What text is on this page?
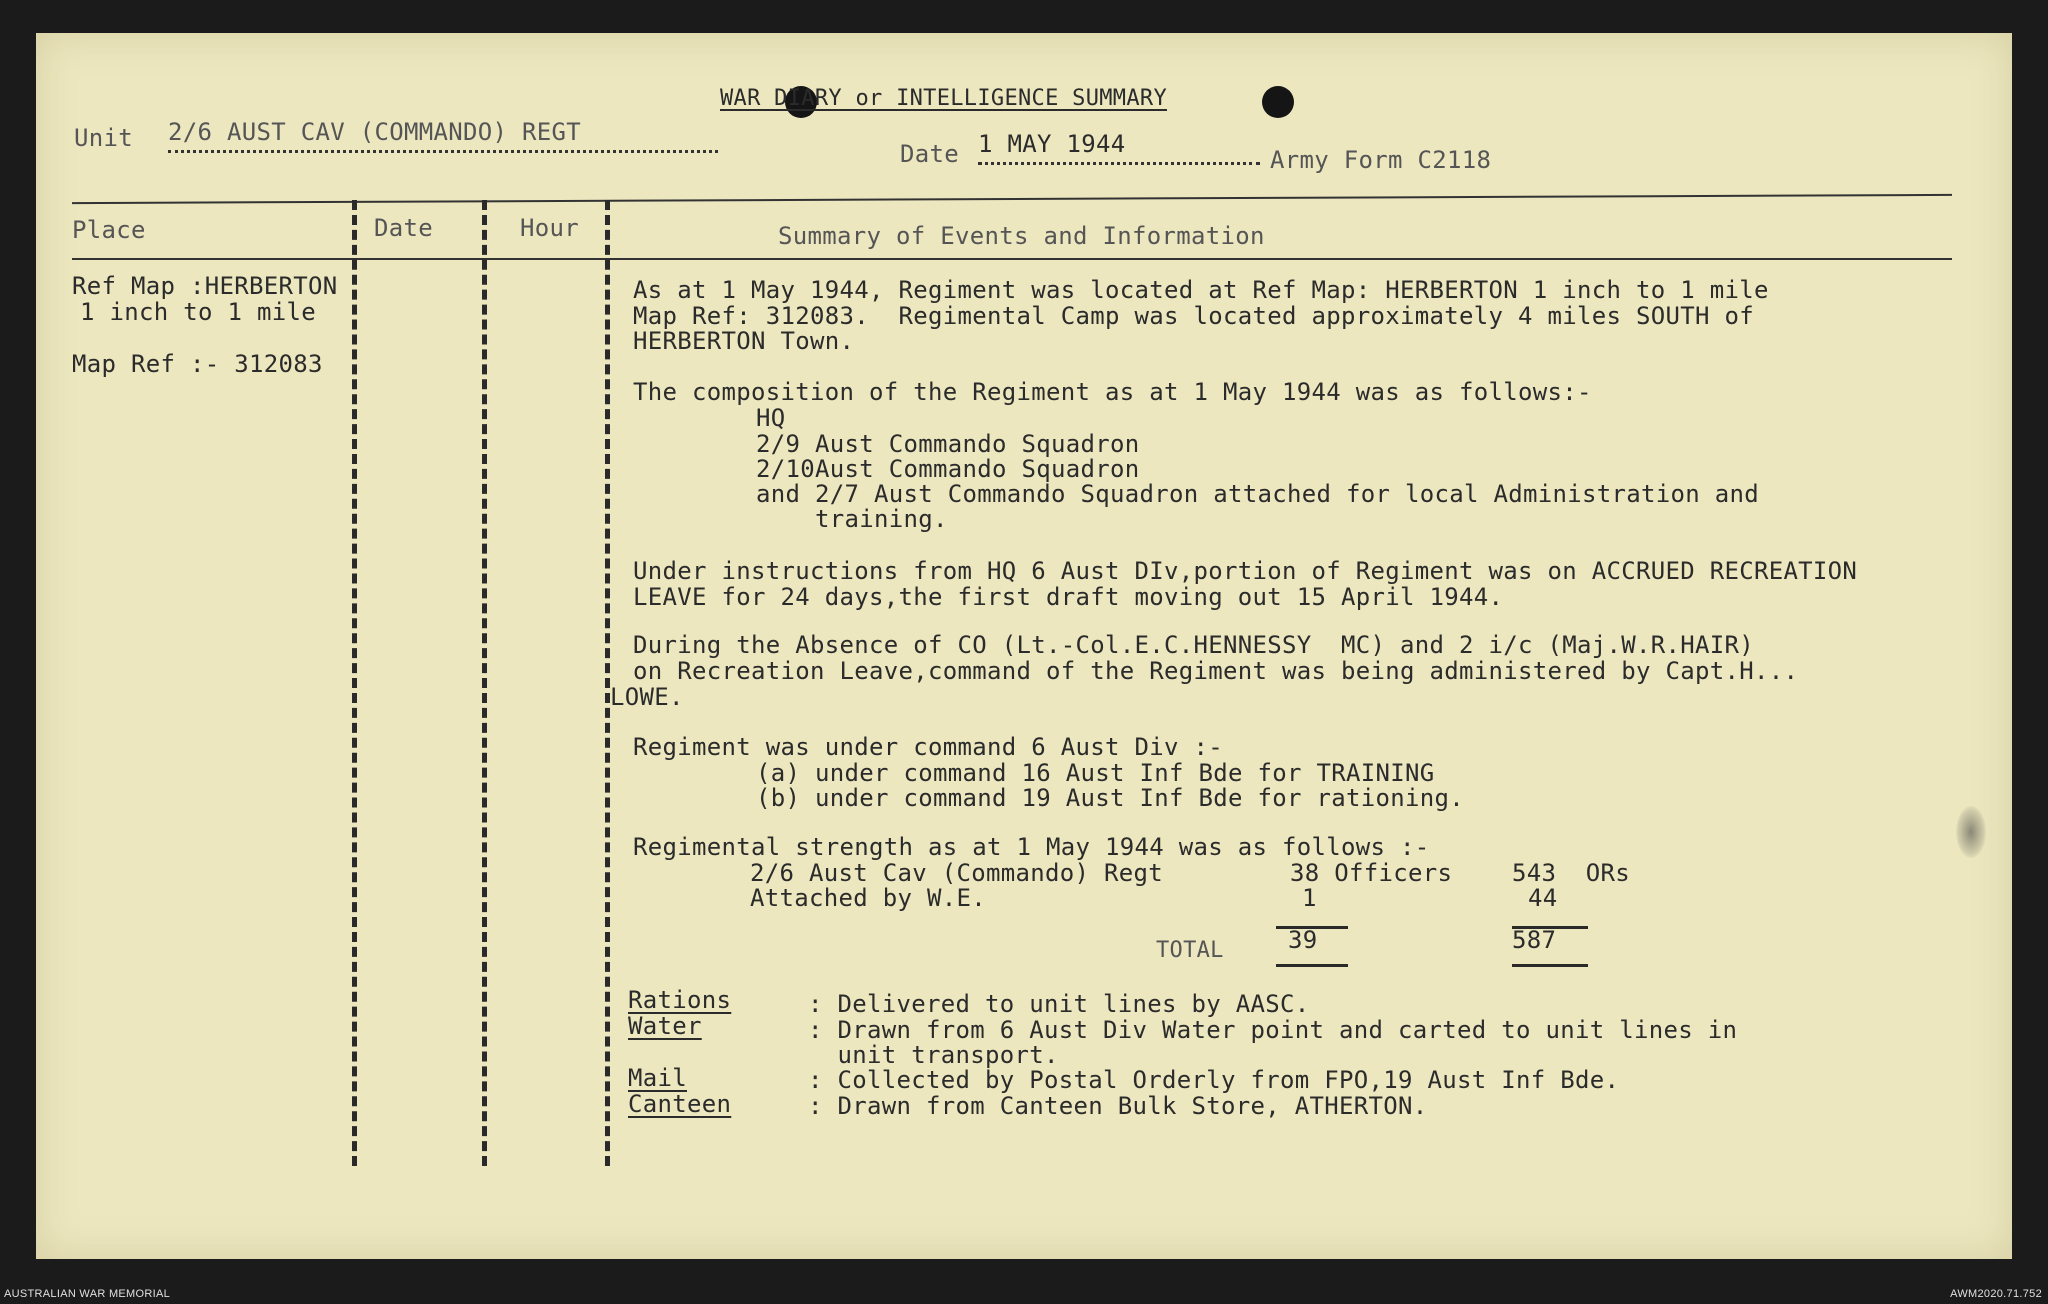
WAR DIARY or INTELLIGENCE SUMMARY
Unit 2/6 AUST CAV (COMMANDO) REGT
Date 1 MAY 1944
Army Form C2118
Place	Date	Hour	Summary of Events and Information
Ref Map :HERBERTON
1 inch to 1 mile
Map Ref :- 312083
As at 1 May 1944, Regiment was located at Ref Map: HERBERTON 1 inch to 1 mile
Map Ref: 312083.  Regimental Camp was located approximately 4 miles SOUTH of
HERBERTON Town.
The composition of the Regiment as at 1 May 1944 was as follows:-
HQ
2/9 Aust Commando Squadron
2/10Aust Commando Squadron
and 2/7 Aust Commando Squadron attached for local Administration and
training.
Under instructions from HQ 6 Aust DIv,portion of Regiment was on ACCRUED RECREATION
LEAVE for 24 days,the first draft moving out 15 April 1944.
During the Absence of CO (Lt.-Col.E.C.HENNESSY  MC) and 2 i/c (Maj.W.R.HAIR)
on Recreation Leave,command of the Regiment was being administered by Capt.H...
LOWE.
Regiment was under command 6 Aust Div :-
(a) under command 16 Aust Inf Bde for TRAINING
(b) under command 19 Aust Inf Bde for rationing.
Regimental strength as at 1 May 1944 was as follows :-
2/6 Aust Cav (Commando) Regt	38 Officers 543  ORs
Attached by W.E.	1	44
TOTAL	39	587
Rations	: Delivered to unit lines by AASC.
Water	: Drawn from 6 Aust Div Water point and carted to unit lines in
unit transport.
Mail	: Collected by Postal Orderly from FPO,19 Aust Inf Bde.
Canteen	: Drawn from Canteen Bulk Store, ATHERTON.
AUSTRALIAN WAR MEMORIAL	AWM2020.71.752
